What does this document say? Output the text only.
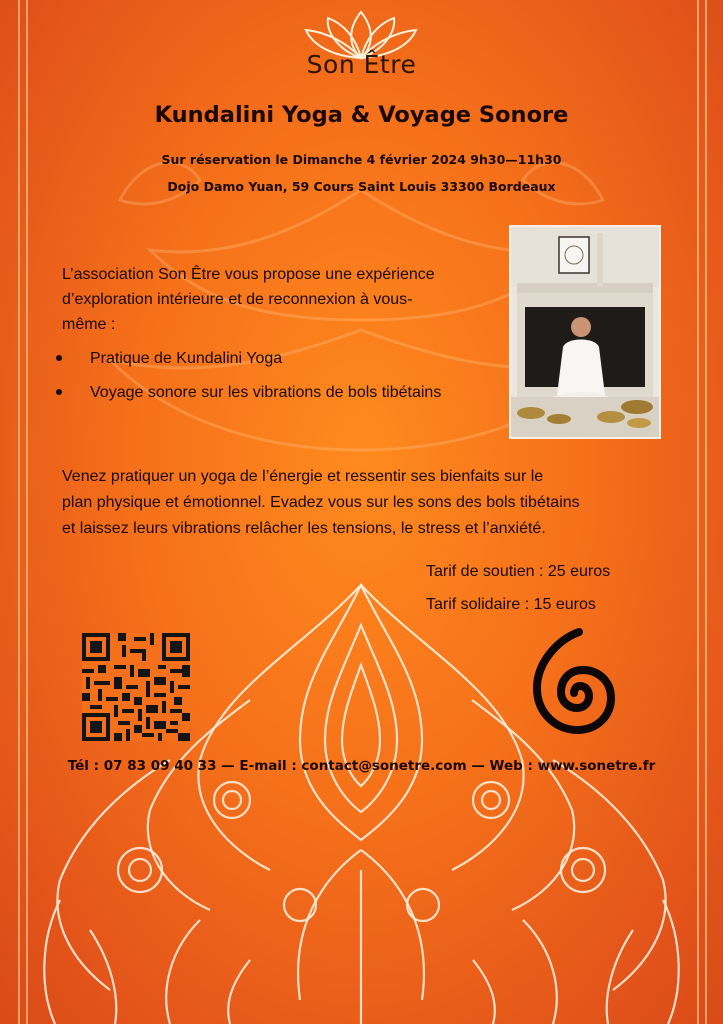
Son Être
Kundalini Yoga & Voyage Sonore
Sur réservation le Dimanche 4 février 2024 9h30—11h30
Dojo Damo Yuan, 59 Cours Saint Louis 33300 Bordeaux
L’association Son Être vous propose une expérience
d’exploration intérieure et de reconnexion à vous-
même :
Pratique de Kundalini Yoga
Voyage sonore sur les vibrations de bols tibétains
Venez pratiquer un yoga de l’énergie et ressentir ses bienfaits sur le
plan physique et émotionnel. Evadez vous sur les sons des bols tibétains
et laissez leurs vibrations relâcher les tensions, le stress et l’anxiété.
Tarif de soutien : 25 euros
Tarif solidaire : 15 euros
Tél : 07 83 09 40 33 — E-mail : contact@sonetre.com — Web : www.sonetre.fr
